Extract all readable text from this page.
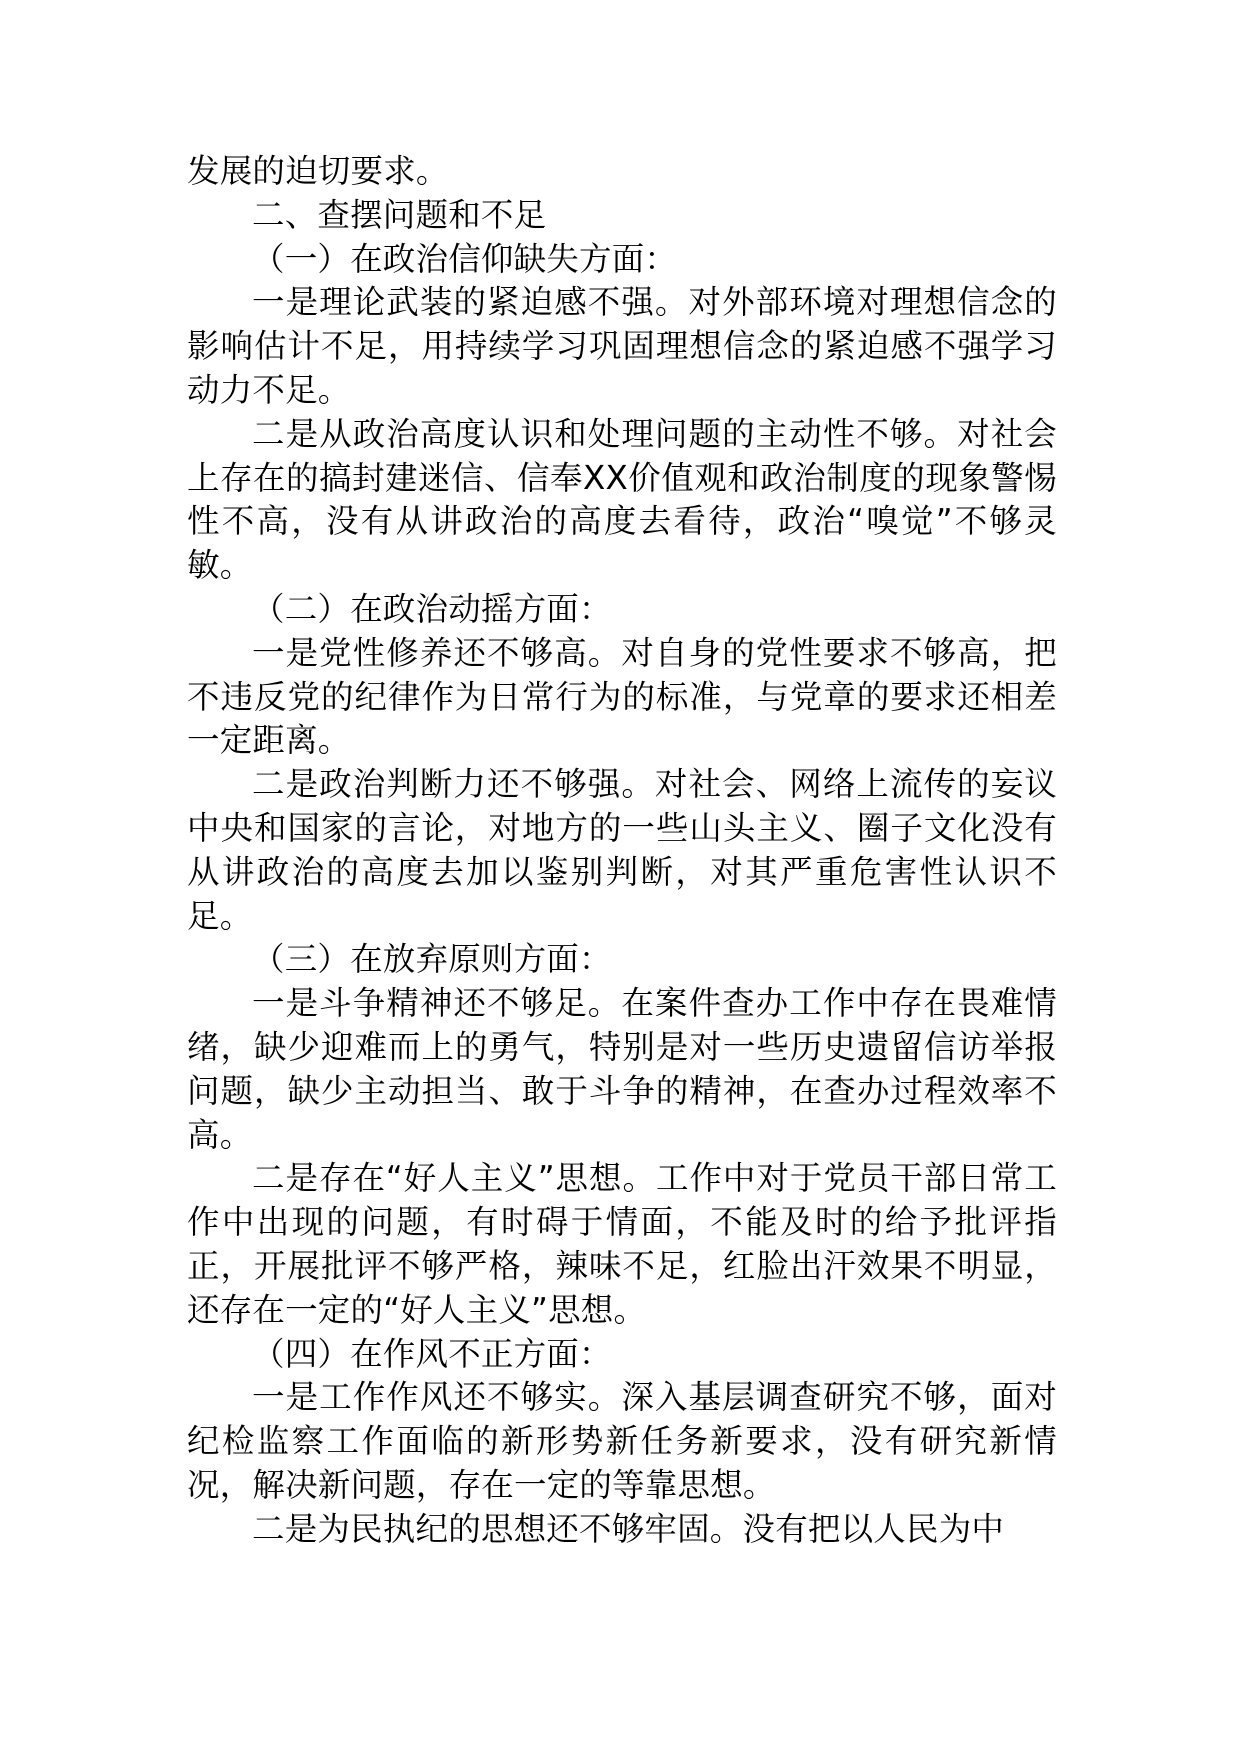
发展的迫切要求。

二、查摆问题和不足

（一）在政治信仰缺失方面：

一是理论武装的紧迫感不强。对外部环境对理想信念的影响估计不足，用持续学习巩固理想信念的紧迫感不强学习动力不足。

二是从政治高度认识和处理问题的主动性不够。对社会上存在的搞封建迷信、信奉XX价值观和政治制度的现象警惕性不高，没有从讲政治的高度去看待，政治“嗅觉”不够灵敏。

（二）在政治动摇方面：

一是党性修养还不够高。对自身的党性要求不够高，把不违反党的纪律作为日常行为的标准，与党章的要求还相差一定距离。

二是政治判断力还不够强。对社会、网络上流传的妄议中央和国家的言论，对地方的一些山头主义、圈子文化没有从讲政治的高度去加以鉴别判断，对其严重危害性认识不足。

（三）在放弃原则方面：

一是斗争精神还不够足。在案件查办工作中存在畏难情绪，缺少迎难而上的勇气，特别是对一些历史遗留信访举报问题，缺少主动担当、敢于斗争的精神，在查办过程效率不高。

二是存在“好人主义”思想。工作中对于党员干部日常工作中出现的问题，有时碍于情面，不能及时的给予批评指正，开展批评不够严格，辣味不足，红脸出汗效果不明显，还存在一定的“好人主义”思想。

（四）在作风不正方面：

一是工作作风还不够实。深入基层调查研究不够，面对纪检监察工作面临的新形势新任务新要求，没有研究新情况，解决新问题，存在一定的等靠思想。

二是为民执纪的思想还不够牢固。没有把以人民为中
